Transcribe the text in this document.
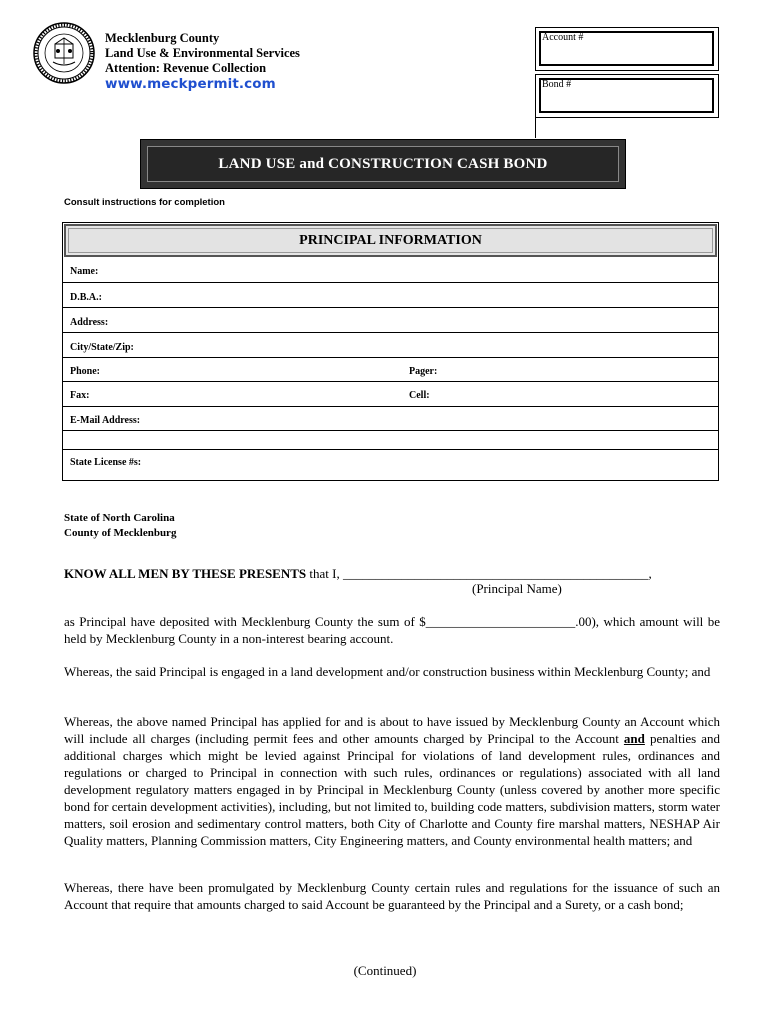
Mecklenburg County
Land Use & Environmental Services
Attention: Revenue Collection
www.meckpermit.com
Account #
Bond #
LAND USE and CONSTRUCTION CASH BOND
Consult instructions for completion
PRINCIPAL INFORMATION
Name:
D.B.A.:
Address:
City/State/Zip:
Phone:	Pager:
Fax:	Cell:
E-Mail Address:
State License #s:
State of North Carolina
County of Mecklenburg
KNOW ALL MEN BY THESE PRESENTS that I, _______________________________________________,
(Principal Name)
as Principal have deposited with Mecklenburg County the sum of $_______________________.00), which amount will be held by Mecklenburg County in a non-interest bearing account.
Whereas, the said Principal is engaged in a land development and/or construction business within Mecklenburg County; and
Whereas, the above named Principal has applied for and is about to have issued by Mecklenburg County an Account which will include all charges (including permit fees and other amounts charged by Principal to the Account and penalties and additional charges which might be levied against Principal for violations of land development rules, ordinances and regulations or charged to Principal in connection with such rules, ordinances or regulations) associated with all land development regulatory matters engaged in by Principal in Mecklenburg County (unless covered by another more specific bond for certain development activities), including, but not limited to, building code matters, subdivision matters, storm water matters, soil erosion and sedimentary control matters, both City of Charlotte and County fire marshal matters, NESHAP Air Quality matters, Planning Commission matters, City Engineering matters, and County environmental health matters; and
Whereas, there have been promulgated by Mecklenburg County certain rules and regulations for the issuance of such an Account that require that amounts charged to said Account be guaranteed by the Principal and a Surety, or a cash bond;
(Continued)
